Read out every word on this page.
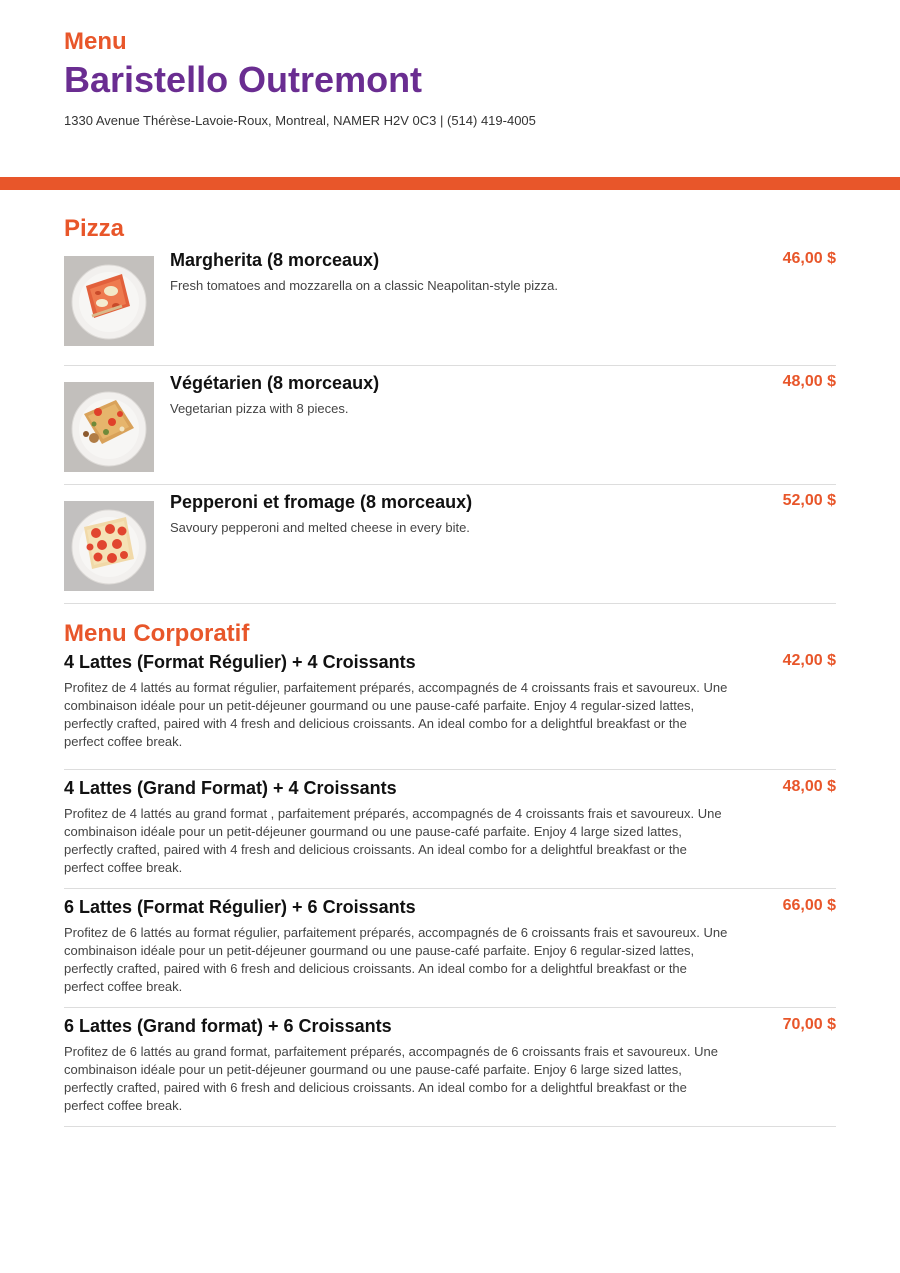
Menu
Baristello Outremont
1330 Avenue Thérèse-Lavoie-Roux, Montreal, NAMER H2V 0C3 | (514) 419-4005
Pizza
Margherita (8 morceaux)
Fresh tomatoes and mozzarella on a classic Neapolitan-style pizza.
46,00 $
Végétarien (8 morceaux)
Vegetarian pizza with 8 pieces.
48,00 $
Pepperoni et fromage (8 morceaux)
Savoury pepperoni and melted cheese in every bite.
52,00 $
Menu Corporatif
4 Lattes (Format Régulier) + 4 Croissants
Profitez de 4 lattés au format régulier, parfaitement préparés, accompagnés de 4 croissants frais et savoureux. Une combinaison idéale pour un petit-déjeuner gourmand ou une pause-café parfaite. Enjoy 4 regular-sized lattes, perfectly crafted, paired with 4 fresh and delicious croissants. An ideal combo for a delightful breakfast or the perfect coffee break.
42,00 $
4 Lattes (Grand Format) + 4 Croissants
Profitez de 4 lattés au grand format , parfaitement préparés, accompagnés de 4 croissants frais et savoureux. Une combinaison idéale pour un petit-déjeuner gourmand ou une pause-café parfaite. Enjoy 4 large sized lattes, perfectly crafted, paired with 4 fresh and delicious croissants. An ideal combo for a delightful breakfast or the perfect coffee break.
48,00 $
6 Lattes (Format Régulier) + 6 Croissants
Profitez de 6 lattés au format régulier, parfaitement préparés, accompagnés de 6 croissants frais et savoureux. Une combinaison idéale pour un petit-déjeuner gourmand ou une pause-café parfaite. Enjoy 6 regular-sized lattes, perfectly crafted, paired with 6 fresh and delicious croissants. An ideal combo for a delightful breakfast or the perfect coffee break.
66,00 $
6 Lattes (Grand format) + 6 Croissants
Profitez de 6 lattés au grand format, parfaitement préparés, accompagnés de 6 croissants frais et savoureux. Une combinaison idéale pour un petit-déjeuner gourmand ou une pause-café parfaite. Enjoy 6 large sized lattes, perfectly crafted, paired with 6 fresh and delicious croissants. An ideal combo for a delightful breakfast or the perfect coffee break.
70,00 $
